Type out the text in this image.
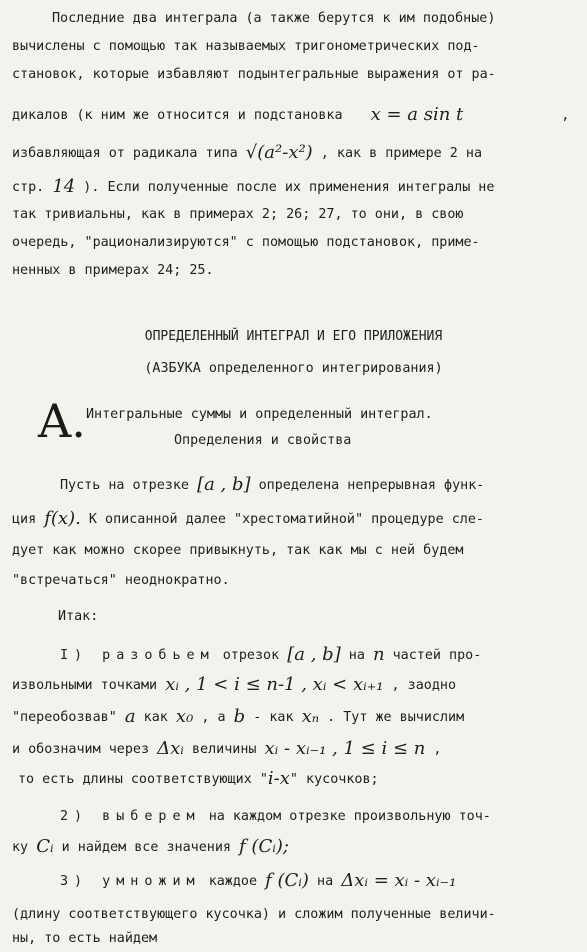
Последние два интеграла (а также берутся к им подобные)
вычислены с помощью так называемых тригонометрических под-
становок, которые избавляют подынтегральные выражения от ра-
дикалов (к ним же относится и подстановка x = a sin t	,
избавляющая от радикала типа √(a²-x²) , как в примере 2 на
стр. 14 ). Если полученные после их применения интегралы не
так тривиальны, как в примерах 2; 26; 27, то они, в свою
очередь, "рационализируются" с помощью подстановок, приме-
ненных в примерах 24; 25.
ОПРЕДЕЛЕННЫЙ ИНТЕГРАЛ И ЕГО ПРИЛОЖЕНИЯ
(АЗБУКА определенного интегрирования)
A. Интегральные суммы и определенный интеграл.
Определения и свойства
Пусть на отрезке [a , b] определена непрерывная функ-
ция f(x). К описанной далее "хрестоматийной" процедуре сле-
дует как можно скорее привыкнуть, так как мы с ней будем
"встречаться" неоднократно.
Итак:
I) разобьем отрезок [a , b] на n частей про-
извольными точками xᵢ , 1 < i ≤ n-1 , xᵢ < xᵢ₊₁ , заодно
"переобозвав" a как x₀ , а b - как xₙ . Тут же вычислим
и обозначим через Δxᵢ величины xᵢ - xᵢ₋₁ , 1 ≤ i ≤ n ,
то есть длины соответствующих "i-x" кусочков;
2) выберем на каждом отрезке произвольную точ-
ку Cᵢ и найдем все значения f (Cᵢ);
3) умножим каждое f (Cᵢ) на Δxᵢ = xᵢ - xᵢ₋₁
(длину соответствующего кусочка) и сложим полученные величи-
ны, то есть найдем
